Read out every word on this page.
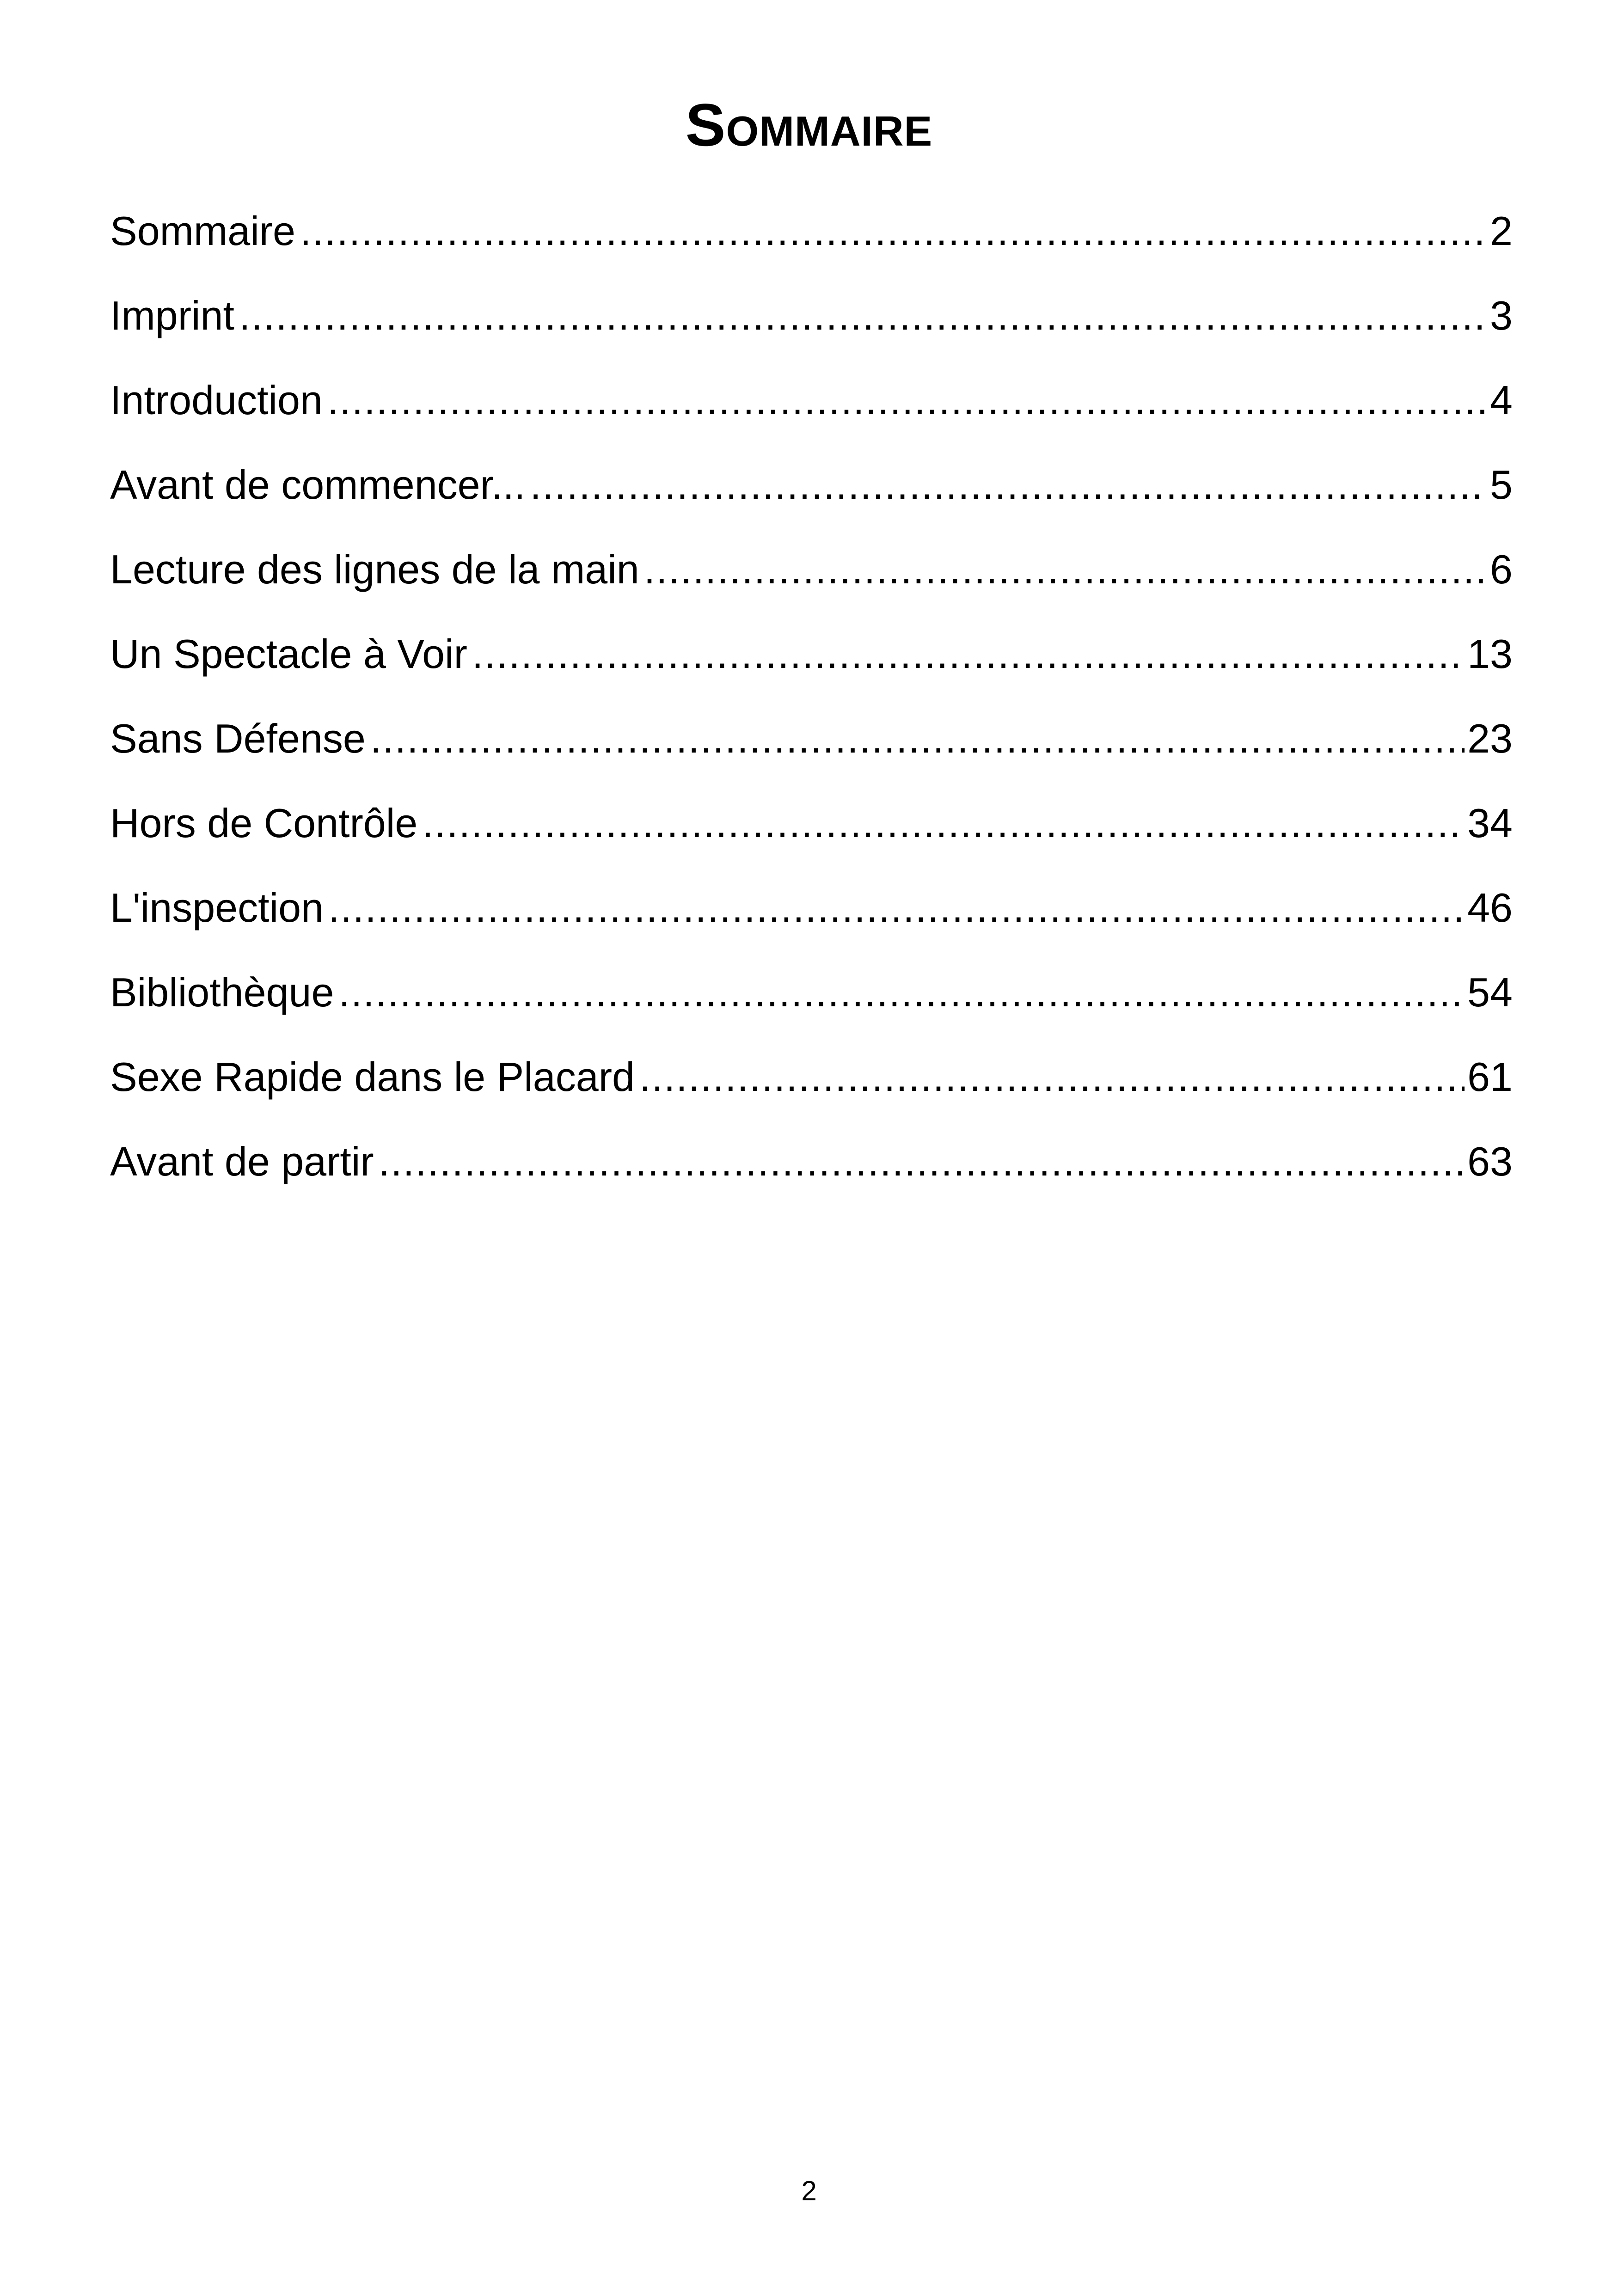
Sommaire
Sommaire .....	2
Imprint .....	3
Introduction .....	4
Avant de commencer... .....	5
Lecture des lignes de la main .....	6
Un Spectacle à Voir .....	13
Sans Défense .....	23
Hors de Contrôle .....	34
L'inspection .....	46
Bibliothèque .....	54
Sexe Rapide dans le Placard .....	61
Avant de partir .....	63
2
